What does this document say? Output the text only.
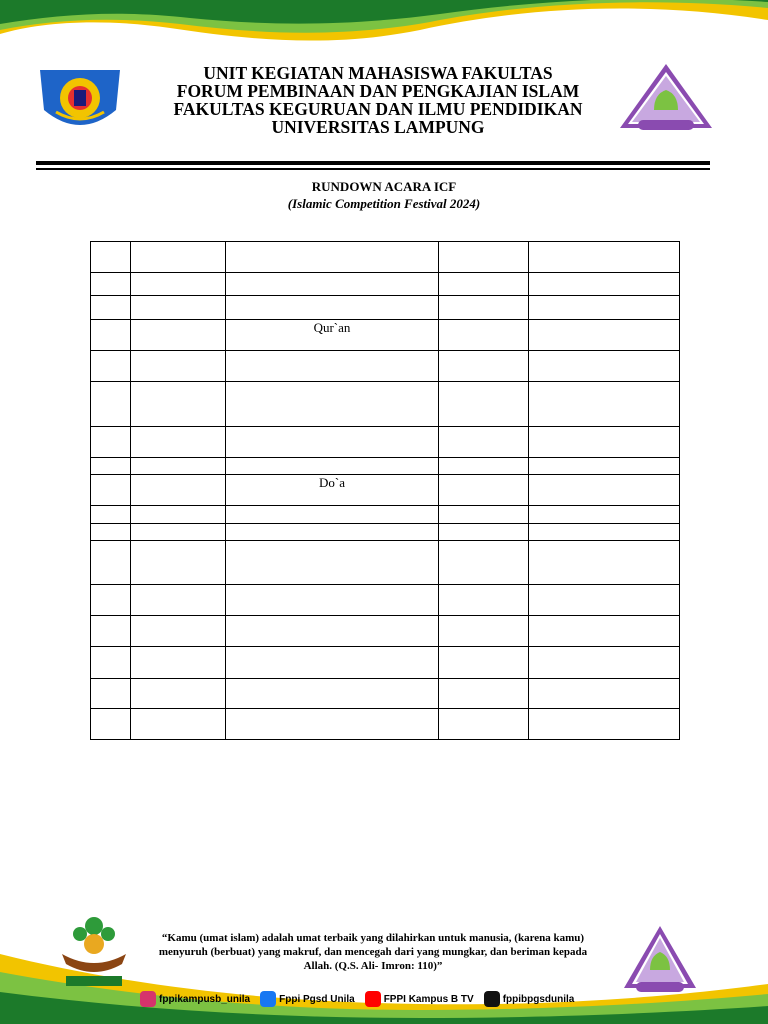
UNIT KEGIATAN MAHASISWA FAKULTAS
FORUM PEMBINAAN DAN PENGKAJIAN ISLAM
FAKULTAS KEGURUAN DAN ILMU PENDIDIKAN
UNIVERSITAS LAMPUNG
RUNDOWN ACARA ICF
(Islamic Competition Festival 2024)

		Qur`an		

		Do`a		

“Kamu (umat islam) adalah umat terbaik yang dilahirkan untuk manusia, (karena kamu) menyuruh (berbuat) yang makruf, dan mencegah dari yang mungkar, dan beriman kepada Allah. (Q.S. Ali- Imron: 110)”
fppikampusb_unila	Fppi Pgsd Unila	FPPI Kampus B TV	fppibpgsdunila
